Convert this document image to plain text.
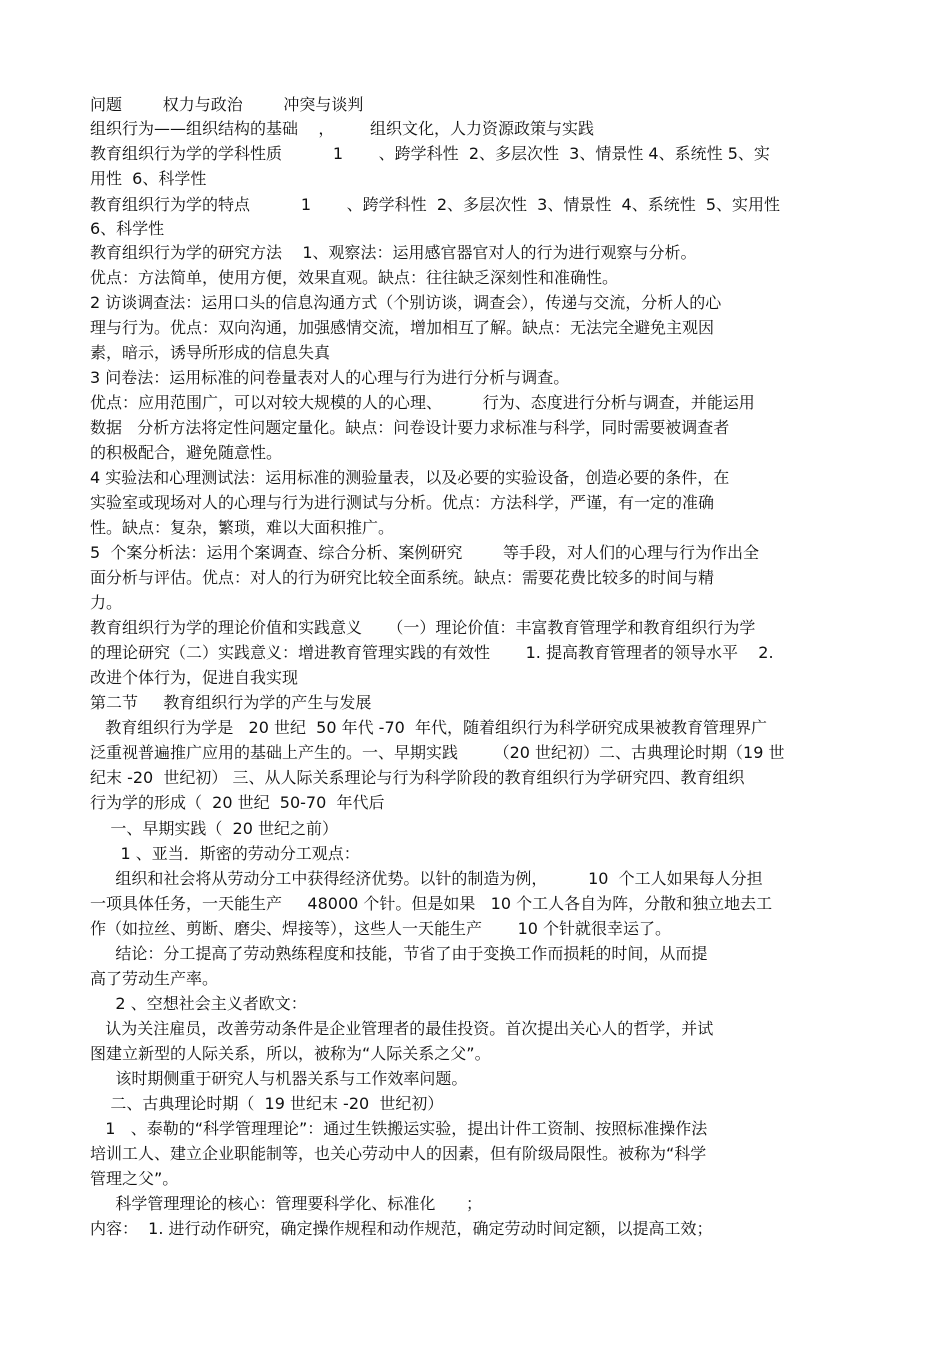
问题        权力与政治        冲突与谈判
组织行为——组织结构的基础    ，       组织文化，人力资源政策与实践
教育组织行为学的学科性质          1       、跨学科性  2、多层次性  3、情景性 4、系统性 5、实
用性  6、科学性
教育组织行为学的特点          1       、跨学科性  2、多层次性  3、情景性  4、系统性  5、实用性
6、科学性
教育组织行为学的研究方法    1、观察法：运用感官器官对人的行为进行观察与分析。
优点：方法简单，使用方便，效果直观。缺点：往往缺乏深刻性和准确性。
2 访谈调查法：运用口头的信息沟通方式（个别访谈，调查会），传递与交流，分析人的心
理与行为。优点：双向沟通，加强感情交流，增加相互了解。缺点：无法完全避免主观因
素，暗示，诱导所形成的信息失真
3 问卷法：运用标准的问卷量表对人的心理与行为进行分析与调查。
优点：应用范围广，可以对较大规模的人的心理、        行为、态度进行分析与调查，并能运用
数据   分析方法将定性问题定量化。缺点：问卷设计要力求标准与科学，同时需要被调查者
的积极配合，避免随意性。
4 实验法和心理测试法：运用标准的测验量表，以及必要的实验设备，创造必要的条件，在
实验室或现场对人的心理与行为进行测试与分析。优点：方法科学，严谨，有一定的准确
性。缺点：复杂，繁琐，难以大面积推广。
5  个案分析法：运用个案调查、综合分析、案例研究        等手段，对人们的心理与行为作出全
面分析与评估。优点：对人的行为研究比较全面系统。缺点：需要花费比较多的时间与精
力。
教育组织行为学的理论价值和实践意义     （一）理论价值：丰富教育管理学和教育组织行为学
的理论研究（二）实践意义：增进教育管理实践的有效性       1. 提高教育管理者的领导水平    2.
改进个体行为，促进自我实现
第二节     教育组织行为学的产生与发展
教育组织行为学是   20 世纪  50 年代 -70  年代，随着组织行为科学研究成果被教育管理界广
泛重视普遍推广应用的基础上产生的。一、早期实践       （20 世纪初）二、古典理论时期（19 世
纪末 -20  世纪初） 三、从人际关系理论与行为科学阶段的教育组织行为学研究四、教育组织
行为学的形成（  20 世纪  50-70  年代后
一、早期实践（  20 世纪之前）
1 、亚当．斯密的劳动分工观点：
组织和社会将从劳动分工中获得经济优势。以针的制造为例，        10  个工人如果每人分担
一项具体任务，一天能生产     48000 个针。但是如果   10 个工人各自为阵，分散和独立地去工
作（如拉丝、剪断、磨尖、焊接等），这些人一天能生产       10 个针就很幸运了。
结论：分工提高了劳动熟练程度和技能，节省了由于变换工作而损耗的时间，从而提
高了劳动生产率。
2 、空想社会主义者欧文：
认为关注雇员，改善劳动条件是企业管理者的最佳投资。首次提出关心人的哲学，并试
图建立新型的人际关系，所以，被称为“人际关系之父”。
该时期侧重于研究人与机器关系与工作效率问题。
二、古典理论时期（  19 世纪末 -20  世纪初）
1   、泰勒的“科学管理理论”：通过生铁搬运实验，提出计件工资制、按照标准操作法
培训工人、建立企业职能制等，也关心劳动中人的因素，但有阶级局限性。被称为“科学
管理之父”。
科学管理理论的核心：管理要科学化、标准化      ；
内容：  1. 进行动作研究，确定操作规程和动作规范，确定劳动时间定额，以提高工效；
